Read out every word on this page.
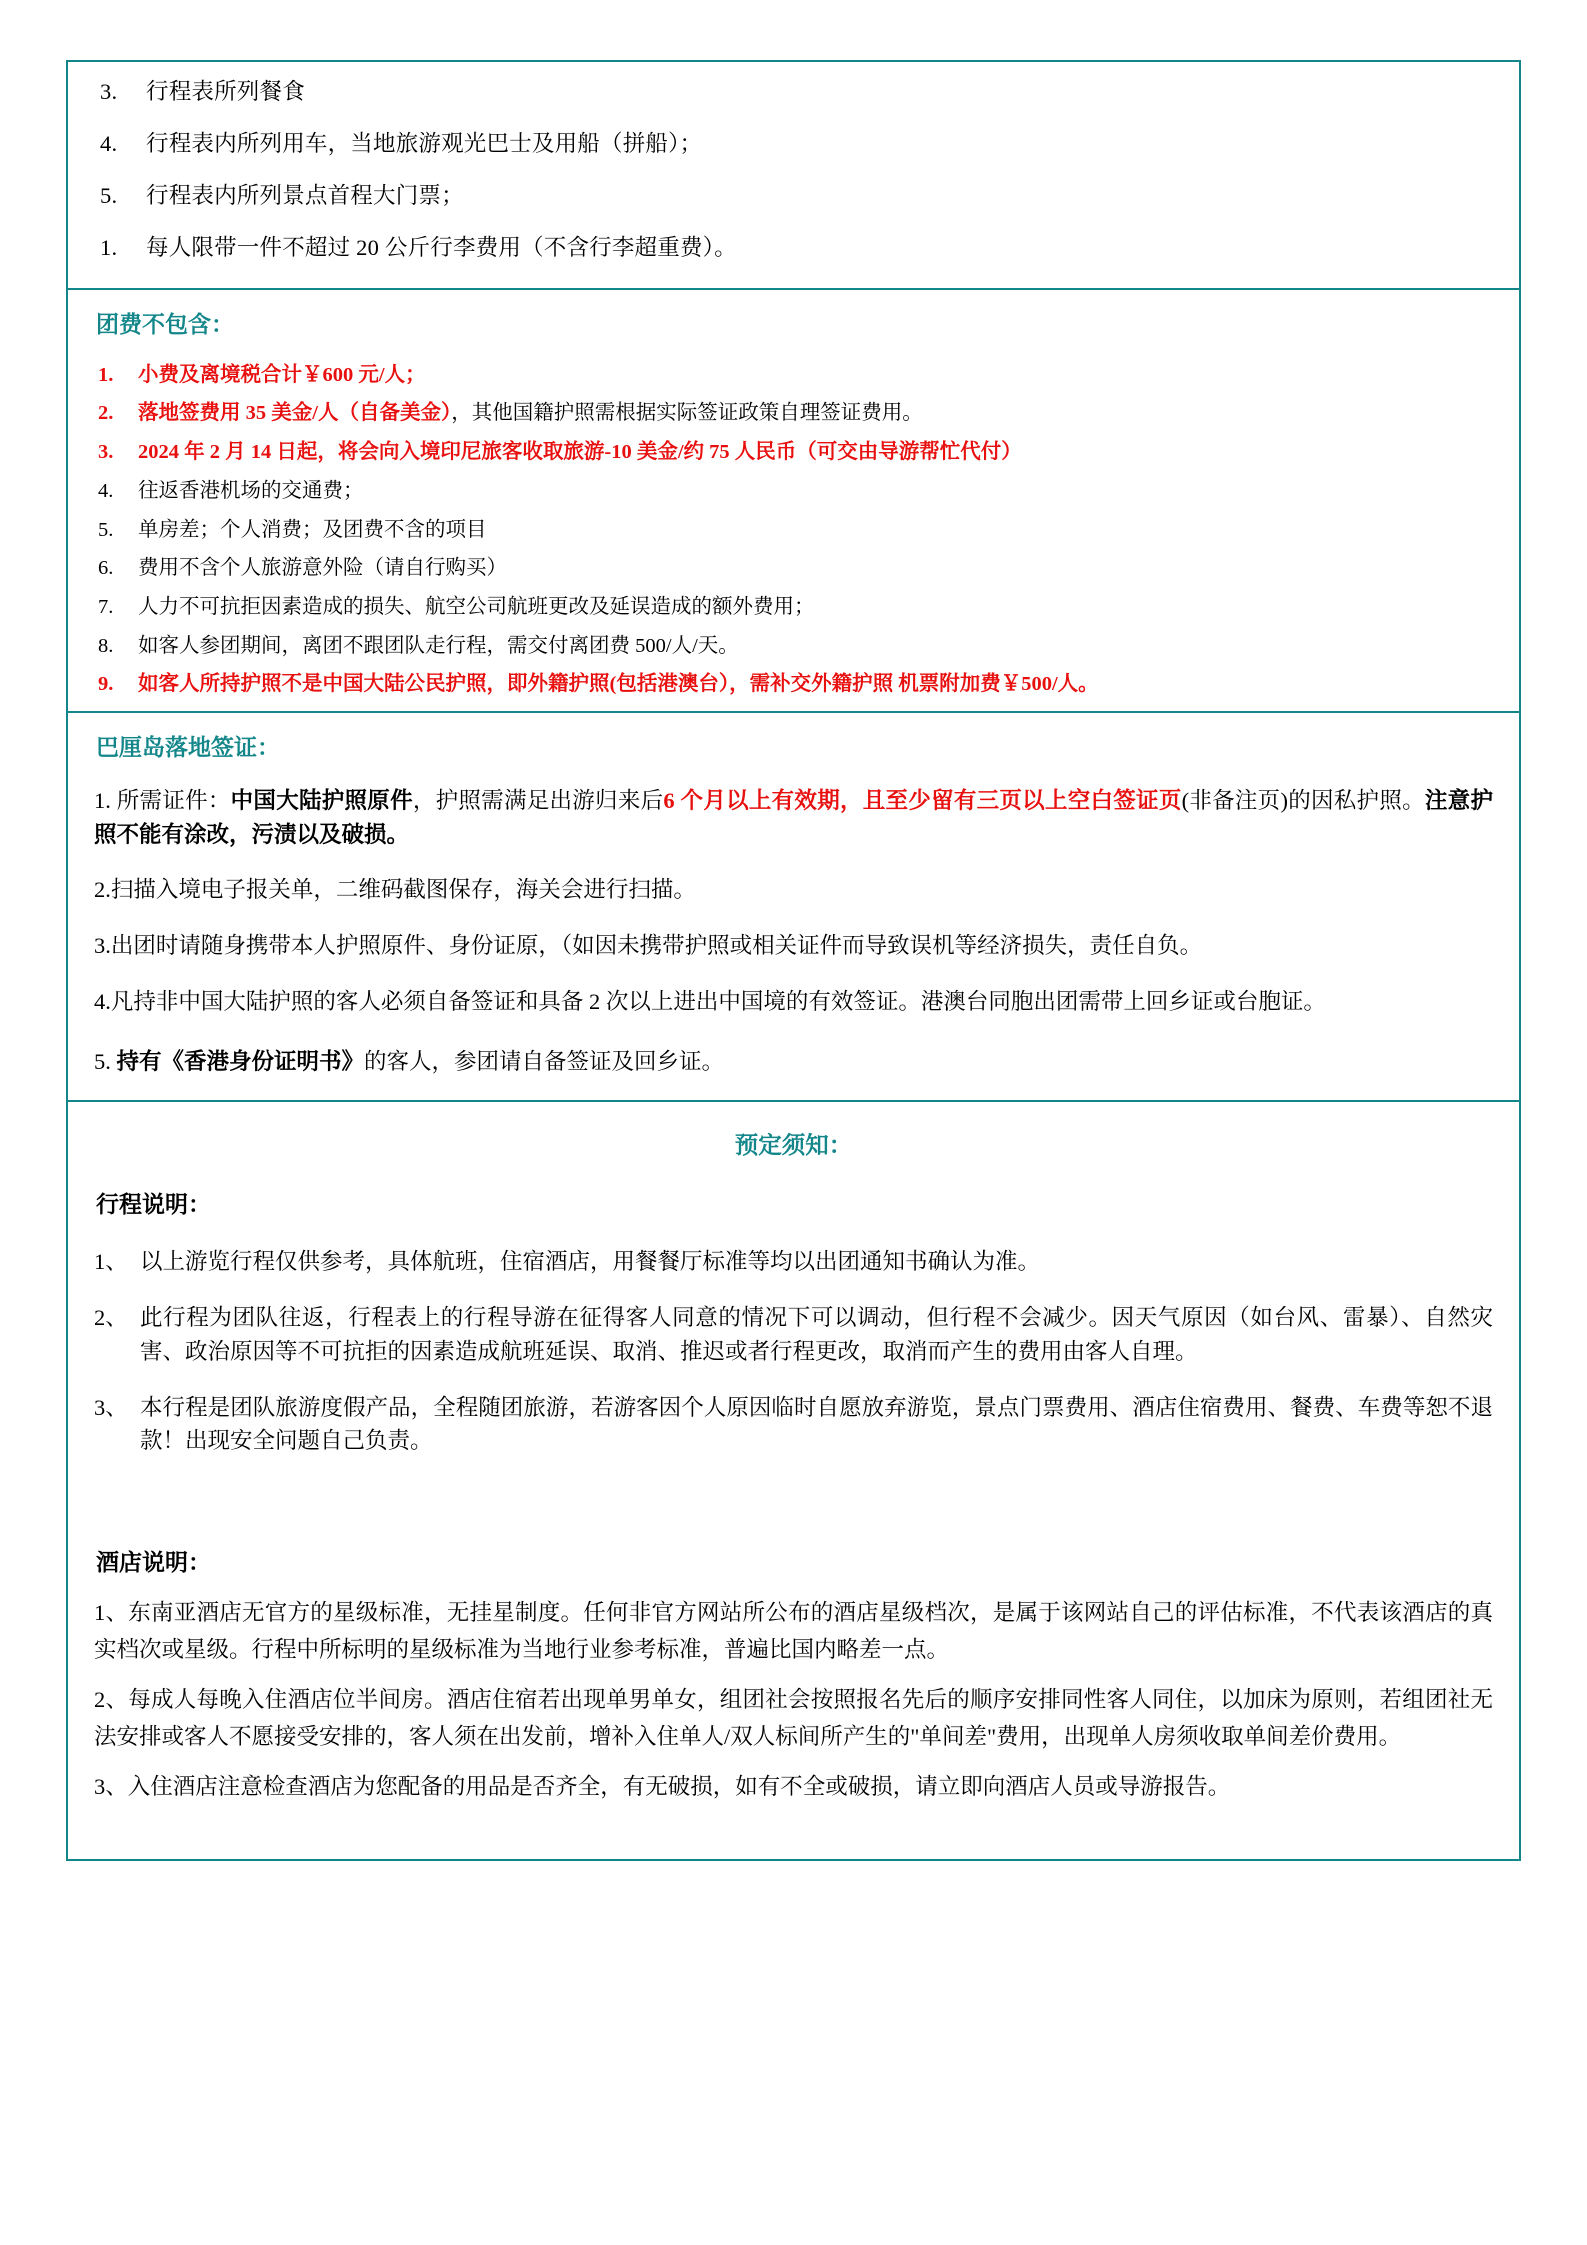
3.	行程表所列餐食
4.	行程表内所列用车，当地旅游观光巴士及用船（拼船）；
5.	行程表内所列景点首程大门票；
1.	每人限带一件不超过 20 公斤行李费用（不含行李超重费）。
团费不包含：
1.	小费及离境税合计￥600 元/人；
2.	落地签费用 35 美金/人（自备美金），其他国籍护照需根据实际签证政策自理签证费用。
3.	2024 年 2 月 14 日起，将会向入境印尼旅客收取旅游-10 美金/约 75 人民币（可交由导游帮忙代付）
4.	往返香港机场的交通费；
5.	单房差；个人消费；及团费不含的项目
6.	费用不含个人旅游意外险（请自行购买）
7.	人力不可抗拒因素造成的损失、航空公司航班更改及延误造成的额外费用；
8.	如客人参团期间，离团不跟团队走行程，需交付离团费 500/人/天。
9.	如客人所持护照不是中国大陆公民护照，即外籍护照(包括港澳台），需补交外籍护照 机票附加费￥500/人。
巴厘岛落地签证：
1. 所需证件：中国大陆护照原件，护照需满足出游归来后6 个月以上有效期，且至少留有三页以上空白签证页(非备注页)的因私护照。注意护照不能有涂改，污渍以及破损。
2.扫描入境电子报关单，二维码截图保存，海关会进行扫描。
3.出团时请随身携带本人护照原件、身份证原，（如因未携带护照或相关证件而导致误机等经济损失，责任自负。
4.凡持非中国大陆护照的客人必须自备签证和具备 2 次以上进出中国境的有效签证。港澳台同胞出团需带上回乡证或台胞证。
5. 持有《香港身份证明书》的客人，参团请自备签证及回乡证。
预定须知：
行程说明：
1、 以上游览行程仅供参考，具体航班，住宿酒店，用餐餐厅标准等均以出团通知书确认为准。
2、 此行程为团队往返，行程表上的行程导游在征得客人同意的情况下可以调动，但行程不会减少。因天气原因（如台风、雷暴）、自然灾害、政治原因等不可抗拒的因素造成航班延误、取消、推迟或者行程更改，取消而产生的费用由客人自理。
3、 本行程是团队旅游度假产品，全程随团旅游，若游客因个人原因临时自愿放弃游览，景点门票费用、酒店住宿费用、餐费、车费等恕不退款！出现安全问题自己负责。
酒店说明：
1、东南亚酒店无官方的星级标准，无挂星制度。任何非官方网站所公布的酒店星级档次，是属于该网站自己的评估标准，不代表该酒店的真实档次或星级。行程中所标明的星级标准为当地行业参考标准，普遍比国内略差一点。
2、每成人每晚入住酒店位半间房。酒店住宿若出现单男单女，组团社会按照报名先后的顺序安排同性客人同住，以加床为原则，若组团社无法安排或客人不愿接受安排的，客人须在出发前，增补入住单人/双人标间所产生的"单间差"费用，出现单人房须收取单间差价费用。
3、入住酒店注意检查酒店为您配备的用品是否齐全，有无破损，如有不全或破损，请立即向酒店人员或导游报告。
